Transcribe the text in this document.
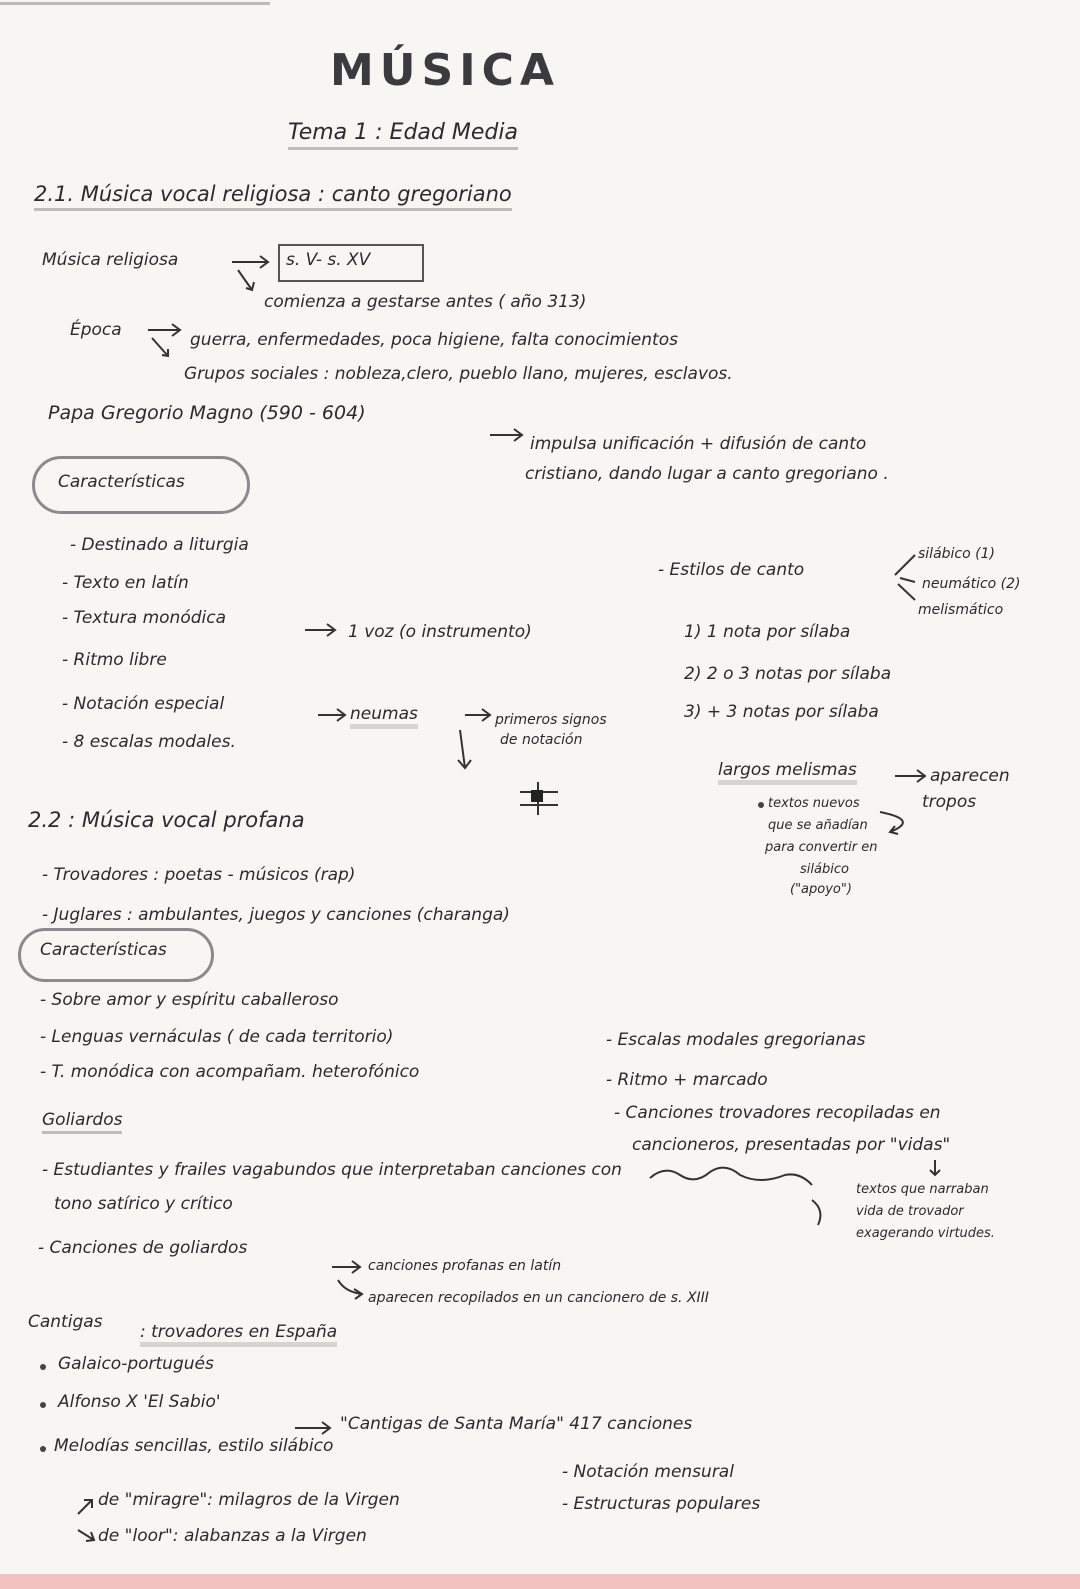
MÚSICA
Tema 1 : Edad Media
2.1. Música vocal religiosa : canto gregoriano
Música religiosa	s. V- s. XV
comienza a gestarse antes ( año 313)
Época	guerra, enfermedades, poca higiene, falta conocimientos
Grupos sociales : nobleza,clero, pueblo llano, mujeres, esclavos.
Papa Gregorio Magno (590 - 604)
impulsa unificación + difusión de canto
cristiano, dando lugar a canto gregoriano .
Características
- Destinado a liturgia
- Texto en latín
- Textura monódica
1 voz (o instrumento)
- Ritmo libre
- Notación especial	neumas	primeros signos
de notación
- 8 escalas modales.
- Estilos de canto
silábico (1)
neumático (2)
melismático
1) 1 nota por sílaba
2) 2 o 3 notas por sílaba
3) + 3 notas por sílaba
largos melismas	aparecen
tropos
textos nuevos
que se añadían
para convertir en
silábico
("apoyo")
2.2 : Música vocal profana
- Trovadores : poetas - músicos (rap)
- Juglares : ambulantes, juegos y canciones (charanga)
Características
- Sobre amor y espíritu caballeroso
- Lenguas vernáculas ( de cada territorio)
- T. monódica con acompañam. heterofónico
- Escalas modales gregorianas
- Ritmo + marcado
- Canciones trovadores recopiladas en
cancioneros, presentadas por "vidas"
textos que narraban
vida de trovador
exagerando virtudes.
Goliardos
- Estudiantes y frailes vagabundos que interpretaban canciones con
tono satírico y crítico
- Canciones de goliardos
canciones profanas en latín
aparecen recopilados en un cancionero de s. XIII
Cantigas : trovadores en España
Galaico-portugués
Alfonso X 'El Sabio'
"Cantigas de Santa María" 417 canciones
Melodías sencillas, estilo silábico
de "miragre": milagros de la Virgen
de "loor": alabanzas a la Virgen
- Notación mensural
- Estructuras populares
